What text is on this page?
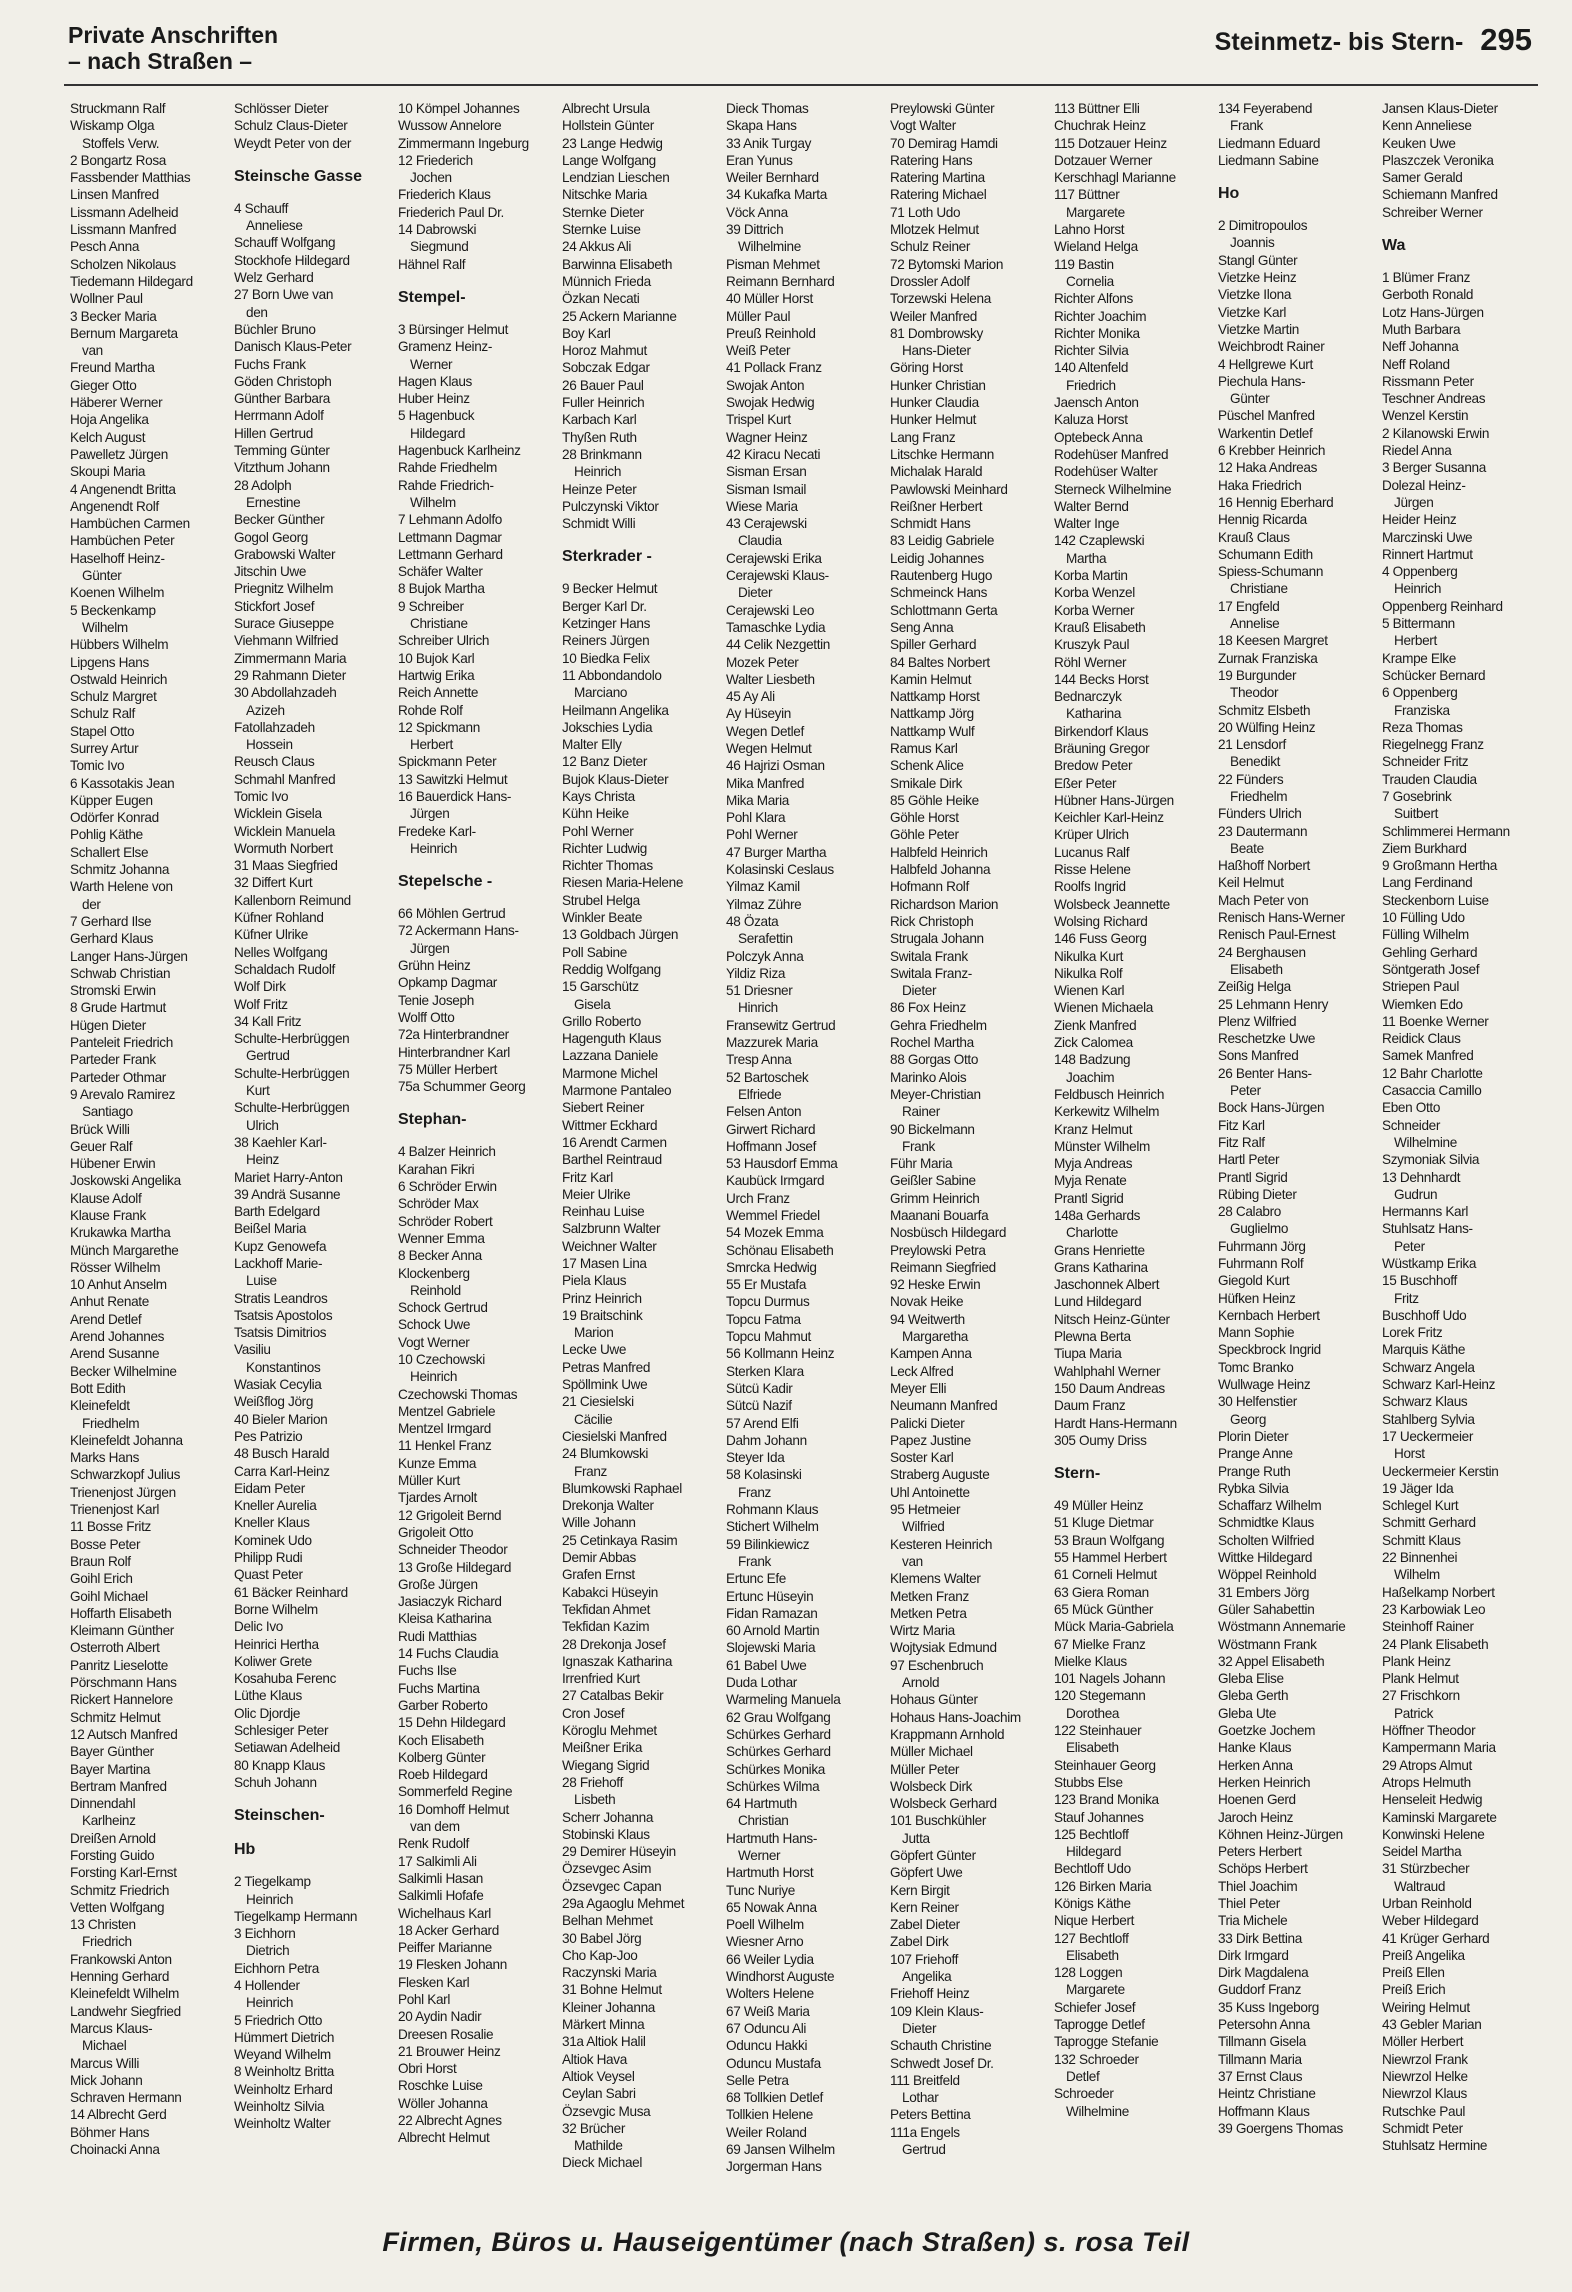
Private Anschriften
– nach Straßen –
Steinmetz- bis Stern- 295
Struckmann Ralf
Wiskamp Olga
Stoffels Verw.
2 Bongartz Rosa
Fassbender Matthias
Linsen Manfred
Lissmann Adelheid
Lissmann Manfred
Pesch Anna
Scholzen Nikolaus
Tiedemann Hildegard
Wollner Paul
3 Becker Maria
Bernum Margareta
van
Freund Martha
Gieger Otto
Häberer Werner
Hoja Angelika
Kelch August
Pawelletz Jürgen
Skoupi Maria
4 Angenendt Britta
Angenendt Rolf
Hambüchen Carmen
Hambüchen Peter
Haselhoff Heinz-
Günter
Koenen Wilhelm
5 Beckenkamp
Wilhelm
Hübbers Wilhelm
Lipgens Hans
Ostwald Heinrich
Schulz Margret
Schulz Ralf
Stapel Otto
Surrey Artur
Tomic Ivo
6 Kassotakis Jean
Küpper Eugen
Odörfer Konrad
Pohlig Käthe
Schallert Else
Schmitz Johanna
Warth Helene von
der
7 Gerhard Ilse
Gerhard Klaus
Langer Hans-Jürgen
Schwab Christian
Stromski Erwin
8 Grude Hartmut
Hügen Dieter
Panteleit Friedrich
Parteder Frank
Parteder Othmar
9 Arevalo Ramirez
Santiago
Brück Willi
Geuer Ralf
Hübener Erwin
Joskowski Angelika
Klause Adolf
Klause Frank
Krukawka Martha
Münch Margarethe
Rösser Wilhelm
10 Anhut Anselm
Anhut Renate
Arend Detlef
Arend Johannes
Arend Susanne
Becker Wilhelmine
Bott Edith
Kleinefeldt
Friedhelm
Kleinefeldt Johanna
Marks Hans
Schwarzkopf Julius
Trienenjost Jürgen
Trienenjost Karl
11 Bosse Fritz
Bosse Peter
Braun Rolf
Goihl Erich
Goihl Michael
Hoffarth Elisabeth
Kleimann Günther
Osterroth Albert
Panritz Lieselotte
Pörschmann Hans
Rickert Hannelore
Schmitz Helmut
12 Autsch Manfred
Bayer Günther
Bayer Martina
Bertram Manfred
Dinnendahl
Karlheinz
Dreißen Arnold
Forsting Guido
Forsting Karl-Ernst
Schmitz Friedrich
Vetten Wolfgang
13 Christen
Friedrich
Frankowski Anton
Henning Gerhard
Kleinefeldt Wilhelm
Landwehr Siegfried
Marcus Klaus-
Michael
Marcus Willi
Mick Johann
Schraven Hermann
14 Albrecht Gerd
Böhmer Hans
Choinacki Anna
Schlösser Dieter
Schulz Claus-Dieter
Weydt Peter von der
Steinsche Gasse
4 Schauff
Anneliese
Schauff Wolfgang
Stockhofe Hildegard
Welz Gerhard
27 Born Uwe van
den
Büchler Bruno
Danisch Klaus-Peter
Fuchs Frank
Göden Christoph
Günther Barbara
Herrmann Adolf
Hillen Gertrud
Temming Günter
Vitzthum Johann
28 Adolph
Ernestine
Becker Günther
Gogol Georg
Grabowski Walter
Jitschin Uwe
Priegnitz Wilhelm
Stickfort Josef
Surace Giuseppe
Viehmann Wilfried
Zimmermann Maria
29 Rahmann Dieter
30 Abdollahzadeh
Azizeh
Fatollahzadeh
Hossein
Reusch Claus
Schmahl Manfred
Tomic Ivo
Wicklein Gisela
Wicklein Manuela
Wormuth Norbert
31 Maas Siegfried
32 Differt Kurt
Kallenborn Reimund
Küfner Rohland
Küfner Ulrike
Nelles Wolfgang
Schaldach Rudolf
Wolf Dirk
Wolf Fritz
34 Kall Fritz
Schulte-Herbrüggen
Gertrud
Schulte-Herbrüggen
Kurt
Schulte-Herbrüggen
Ulrich
38 Kaehler Karl-
Heinz
Mariet Harry-Anton
39 Andrä Susanne
Barth Edelgard
Beißel Maria
Kupz Genowefa
Lackhoff Marie-
Luise
Stratis Leandros
Tsatsis Apostolos
Tsatsis Dimitrios
Vasiliu
Konstantinos
Wasiak Cecylia
Weißflog Jörg
40 Bieler Marion
Pes Patrizio
48 Busch Harald
Carra Karl-Heinz
Eidam Peter
Kneller Aurelia
Kneller Klaus
Kominek Udo
Philipp Rudi
Quast Peter
61 Bäcker Reinhard
Borne Wilhelm
Delic Ivo
Heinrici Hertha
Koliwer Grete
Kosahuba Ferenc
Lüthe Klaus
Olic Djordje
Schlesiger Peter
Setiawan Adelheid
80 Knapp Klaus
Schuh Johann
Steinschen-
Hb
2 Tiegelkamp
Heinrich
Tiegelkamp Hermann
3 Eichhorn
Dietrich
Eichhorn Petra
4 Hollender
Heinrich
5 Friedrich Otto
Hümmert Dietrich
Weyand Wilhelm
8 Weinholtz Britta
Weinholtz Erhard
Weinholtz Silvia
Weinholtz Walter
10 Kömpel Johannes
Wussow Annelore
Zimmermann Ingeburg
12 Friederich
Jochen
Friederich Klaus
Friederich Paul Dr.
14 Dabrowski
Siegmund
Hähnel Ralf
Stempel-
3 Bürsinger Helmut
Gramenz Heinz-
Werner
Hagen Klaus
Huber Heinz
5 Hagenbuck
Hildegard
Hagenbuck Karlheinz
Rahde Friedhelm
Rahde Friedrich-
Wilhelm
7 Lehmann Adolfo
Lettmann Dagmar
Lettmann Gerhard
Schäfer Walter
8 Bujok Martha
9 Schreiber
Christiane
Schreiber Ulrich
10 Bujok Karl
Hartwig Erika
Reich Annette
Rohde Rolf
12 Spickmann
Herbert
Spickmann Peter
13 Sawitzki Helmut
16 Bauerdick Hans-
Jürgen
Fredeke Karl-
Heinrich
Stepelsche -
66 Möhlen Gertrud
72 Ackermann Hans-
Jürgen
Grühn Heinz
Opkamp Dagmar
Tenie Joseph
Wolff Otto
72a Hinterbrandner
Hinterbrandner Karl
75 Müller Herbert
75a Schummer Georg
Stephan-
4 Balzer Heinrich
Karahan Fikri
6 Schröder Erwin
Schröder Max
Schröder Robert
Wenner Emma
8 Becker Anna
Klockenberg
Reinhold
Schock Gertrud
Schock Uwe
Vogt Werner
10 Czechowski
Heinrich
Czechowski Thomas
Mentzel Gabriele
Mentzel Irmgard
11 Henkel Franz
Kunze Emma
Müller Kurt
Tjardes Arnolt
12 Grigoleit Bernd
Grigoleit Otto
Schneider Theodor
13 Große Hildegard
Große Jürgen
Jasiaczyk Richard
Kleisa Katharina
Rudi Matthias
14 Fuchs Claudia
Fuchs Ilse
Fuchs Martina
Garber Roberto
15 Dehn Hildegard
Koch Elisabeth
Kolberg Günter
Roeb Hildegard
Sommerfeld Regine
16 Domhoff Helmut
van dem
Renk Rudolf
17 Salkimli Ali
Salkimli Hasan
Salkimli Hofafe
Wichelhaus Karl
18 Acker Gerhard
Peiffer Marianne
19 Flesken Johann
Flesken Karl
Pohl Karl
20 Aydin Nadir
Dreesen Rosalie
21 Brouwer Heinz
Obri Horst
Roschke Luise
Wöller Johanna
22 Albrecht Agnes
Albrecht Helmut
Albrecht Ursula
Hollstein Günter
23 Lange Hedwig
Lange Wolfgang
Lendzian Lieschen
Nitschke Maria
Sternke Dieter
Sternke Luise
24 Akkus Ali
Barwinna Elisabeth
Münnich Frieda
Özkan Necati
25 Ackern Marianne
Boy Karl
Horoz Mahmut
Sobczak Edgar
26 Bauer Paul
Fuller Heinrich
Karbach Karl
Thyßen Ruth
28 Brinkmann
Heinrich
Heinze Peter
Pulczynski Viktor
Schmidt Willi
Sterkrader -
9 Becker Helmut
Berger Karl Dr.
Ketzinger Hans
Reiners Jürgen
10 Biedka Felix
11 Abbondandolo
Marciano
Heilmann Angelika
Jokschies Lydia
Malter Elly
12 Banz Dieter
Bujok Klaus-Dieter
Kays Christa
Kühn Heike
Pohl Werner
Richter Ludwig
Richter Thomas
Riesen Maria-Helene
Strubel Helga
Winkler Beate
13 Goldbach Jürgen
Poll Sabine
Reddig Wolfgang
15 Garschütz
Gisela
Grillo Roberto
Hagenguth Klaus
Lazzana Daniele
Marmone Michel
Marmone Pantaleo
Siebert Reiner
Wittmer Eckhard
16 Arendt Carmen
Barthel Reintraud
Fritz Karl
Meier Ulrike
Reinhau Luise
Salzbrunn Walter
Weichner Walter
17 Masen Lina
Piela Klaus
Prinz Heinrich
19 Braitschink
Marion
Lecke Uwe
Petras Manfred
Spöllmink Uwe
21 Ciesielski
Cäcilie
Ciesielski Manfred
24 Blumkowski
Franz
Blumkowski Raphael
Drekonja Walter
Wille Johann
25 Cetinkaya Rasim
Demir Abbas
Grafen Ernst
Kabakci Hüseyin
Tekfidan Ahmet
Tekfidan Kazim
28 Drekonja Josef
Ignaszak Katharina
Irrenfried Kurt
27 Catalbas Bekir
Cron Josef
Köroglu Mehmet
Meißner Erika
Wiegang Sigrid
28 Friehoff
Lisbeth
Scherr Johanna
Stobinski Klaus
29 Demirer Hüseyin
Özsevgec Asim
Özsevgec Capan
29a Agaoglu Mehmet
Belhan Mehmet
30 Babel Jörg
Cho Kap-Joo
Raczynski Maria
31 Bohne Helmut
Kleiner Johanna
Märkert Minna
31a Altiok Halil
Altiok Hava
Altiok Veysel
Ceylan Sabri
Özsevgic Musa
32 Brücher
Mathilde
Dieck Michael
Dieck Thomas
Skapa Hans
33 Anik Turgay
Eran Yunus
Weiler Bernhard
34 Kukafka Marta
Vöck Anna
39 Dittrich
Wilhelmine
Pisman Mehmet
Reimann Bernhard
40 Müller Horst
Müller Paul
Preuß Reinhold
Weiß Peter
41 Pollack Franz
Swojak Anton
Swojak Hedwig
Trispel Kurt
Wagner Heinz
42 Kiracu Necati
Sisman Ersan
Sisman Ismail
Wiese Maria
43 Cerajewski
Claudia
Cerajewski Erika
Cerajewski Klaus-
Dieter
Cerajewski Leo
Tamaschke Lydia
44 Celik Nezgettin
Mozek Peter
Walter Liesbeth
45 Ay Ali
Ay Hüseyin
Wegen Detlef
Wegen Helmut
46 Hajrizi Osman
Mika Manfred
Mika Maria
Pohl Klara
Pohl Werner
47 Burger Martha
Kolasinski Ceslaus
Yilmaz Kamil
Yilmaz Zühre
48 Özata
Serafettin
Polczyk Anna
Yildiz Riza
51 Driesner
Hinrich
Fransewitz Gertrud
Mazzurek Maria
Tresp Anna
52 Bartoschek
Elfriede
Felsen Anton
Girwert Richard
Hoffmann Josef
53 Hausdorf Emma
Kaubück Irmgard
Urch Franz
Wemmel Friedel
54 Mozek Emma
Schönau Elisabeth
Smrcka Hedwig
55 Er Mustafa
Topcu Durmus
Topcu Fatma
Topcu Mahmut
56 Kollmann Heinz
Sterken Klara
Sütcü Kadir
Sütcü Nazif
57 Arend Elfi
Dahm Johann
Steyer Ida
58 Kolasinski
Franz
Rohmann Klaus
Stichert Wilhelm
59 Bilinkiewicz
Frank
Ertunc Efe
Ertunc Hüseyin
Fidan Ramazan
60 Arnold Martin
Slojewski Maria
61 Babel Uwe
Duda Lothar
Warmeling Manuela
62 Grau Wolfgang
Schürkes Gerhard
Schürkes Gerhard
Schürkes Monika
Schürkes Wilma
64 Hartmuth
Christian
Hartmuth Hans-
Werner
Hartmuth Horst
Tunc Nuriye
65 Nowak Anna
Poell Wilhelm
Wiesner Arno
66 Weiler Lydia
Windhorst Auguste
Wolters Helene
67 Weiß Maria
67 Oduncu Ali
Oduncu Hakki
Oduncu Mustafa
Selle Petra
68 Tollkien Detlef
Tollkien Helene
Weiler Roland
69 Jansen Wilhelm
Jorgerman Hans
Preylowski Günter
Vogt Walter
70 Demirag Hamdi
Ratering Hans
Ratering Martina
Ratering Michael
71 Loth Udo
Mlotzek Helmut
Schulz Reiner
72 Bytomski Marion
Drossler Adolf
Torzewski Helena
Weiler Manfred
81 Dombrowsky
Hans-Dieter
Göring Horst
Hunker Christian
Hunker Claudia
Hunker Helmut
Lang Franz
Litschke Hermann
Michalak Harald
Pawlowski Meinhard
Reißner Herbert
Schmidt Hans
83 Leidig Gabriele
Leidig Johannes
Rautenberg Hugo
Schmeinck Hans
Schlottmann Gerta
Seng Anna
Spiller Gerhard
84 Baltes Norbert
Kamin Helmut
Nattkamp Horst
Nattkamp Jörg
Nattkamp Wulf
Ramus Karl
Schenk Alice
Smikale Dirk
85 Göhle Heike
Göhle Horst
Göhle Peter
Halbfeld Heinrich
Halbfeld Johanna
Hofmann Rolf
Richardson Marion
Rick Christoph
Strugala Johann
Switala Frank
Switala Franz-
Dieter
86 Fox Heinz
Gehra Friedhelm
Rochel Martha
88 Gorgas Otto
Marinko Alois
Meyer-Christian
Rainer
90 Bickelmann
Frank
Führ Maria
Geißler Sabine
Grimm Heinrich
Maanani Bouarfa
Nosbüsch Hildegard
Preylowski Petra
Reimann Siegfried
92 Heske Erwin
Novak Heike
94 Weitwerth
Margaretha
Kampen Anna
Leck Alfred
Meyer Elli
Neumann Manfred
Palicki Dieter
Papez Justine
Soster Karl
Straberg Auguste
Uhl Antoinette
95 Hetmeier
Wilfried
Kesteren Heinrich
van
Klemens Walter
Metken Franz
Metken Petra
Wirtz Maria
Wojtysiak Edmund
97 Eschenbruch
Arnold
Hohaus Günter
Hohaus Hans-Joachim
Krappmann Arnhold
Müller Michael
Müller Peter
Wolsbeck Dirk
Wolsbeck Gerhard
101 Buschkühler
Jutta
Göpfert Günter
Göpfert Uwe
Kern Birgit
Kern Reiner
Zabel Dieter
Zabel Dirk
107 Friehoff
Angelika
Friehoff Heinz
109 Klein Klaus-
Dieter
Schauth Christine
Schwedt Josef Dr.
111 Breitfeld
Lothar
Peters Bettina
111a Engels
Gertrud
113 Büttner Elli
Chuchrak Heinz
115 Dotzauer Heinz
Dotzauer Werner
Kerschhagl Marianne
117 Büttner
Margarete
Lahno Horst
Wieland Helga
119 Bastin
Cornelia
Richter Alfons
Richter Joachim
Richter Monika
Richter Silvia
140 Altenfeld
Friedrich
Jaensch Anton
Kaluza Horst
Optebeck Anna
Rodehüser Manfred
Rodehüser Walter
Sterneck Wilhelmine
Walter Bernd
Walter Inge
142 Czaplewski
Martha
Korba Martin
Korba Wenzel
Korba Werner
Krauß Elisabeth
Kruszyk Paul
Röhl Werner
144 Becks Horst
Bednarczyk
Katharina
Birkendorf Klaus
Bräuning Gregor
Bredow Peter
Eßer Peter
Hübner Hans-Jürgen
Keichler Karl-Heinz
Krüper Ulrich
Lucanus Ralf
Risse Helene
Roolfs Ingrid
Wolsbeck Jeannette
Wolsing Richard
146 Fuss Georg
Nikulka Kurt
Nikulka Rolf
Wienen Karl
Wienen Michaela
Zienk Manfred
Zick Calomea
148 Badzung
Joachim
Feldbusch Heinrich
Kerkewitz Wilhelm
Kranz Helmut
Münster Wilhelm
Myja Andreas
Myja Renate
Prantl Sigrid
148a Gerhards
Charlotte
Grans Henriette
Grans Katharina
Jaschonnek Albert
Lund Hildegard
Nitsch Heinz-Günter
Plewna Berta
Tiupa Maria
Wahlphahl Werner
150 Daum Andreas
Daum Franz
Hardt Hans-Hermann
305 Oumy Driss
Stern-
49 Müller Heinz
51 Kluge Dietmar
53 Braun Wolfgang
55 Hammel Herbert
61 Corneli Helmut
63 Giera Roman
65 Mück Günther
Mück Maria-Gabriela
67 Mielke Franz
Mielke Klaus
101 Nagels Johann
120 Stegemann
Dorothea
122 Steinhauer
Elisabeth
Steinhauer Georg
Stubbs Else
123 Brand Monika
Stauf Johannes
125 Bechtloff
Hildegard
Bechtloff Udo
126 Birken Maria
Königs Käthe
Nique Herbert
127 Bechtloff
Elisabeth
128 Loggen
Margarete
Schiefer Josef
Taprogge Detlef
Taprogge Stefanie
132 Schroeder
Detlef
Schroeder
Wilhelmine
134 Feyerabend
Frank
Liedmann Eduard
Liedmann Sabine
Ho
2 Dimitropoulos
Joannis
Stangl Günter
Vietzke Heinz
Vietzke Ilona
Vietzke Karl
Vietzke Martin
Weichbrodt Rainer
4 Hellgrewe Kurt
Piechula Hans-
Günter
Püschel Manfred
Warkentin Detlef
6 Krebber Heinrich
12 Haka Andreas
Haka Friedrich
16 Hennig Eberhard
Hennig Ricarda
Krauß Claus
Schumann Edith
Spiess-Schumann
Christiane
17 Engfeld
Annelise
18 Keesen Margret
Zurnak Franziska
19 Burgunder
Theodor
Schmitz Elsbeth
20 Wülfing Heinz
21 Lensdorf
Benedikt
22 Fünders
Friedhelm
Fünders Ulrich
23 Dautermann
Beate
Haßhoff Norbert
Keil Helmut
Mach Peter von
Renisch Hans-Werner
Renisch Paul-Ernest
24 Berghausen
Elisabeth
Zeißig Helga
25 Lehmann Henry
Plenz Wilfried
Reschetzke Uwe
Sons Manfred
26 Benter Hans-
Peter
Bock Hans-Jürgen
Fitz Karl
Fitz Ralf
Hartl Peter
Prantl Sigrid
Rübing Dieter
28 Calabro
Guglielmo
Fuhrmann Jörg
Fuhrmann Rolf
Giegold Kurt
Hüfken Heinz
Kernbach Herbert
Mann Sophie
Speckbrock Ingrid
Tomc Branko
Wullwage Heinz
30 Helfenstier
Georg
Plorin Dieter
Prange Anne
Prange Ruth
Rybka Silvia
Schaffarz Wilhelm
Schmidtke Klaus
Scholten Wilfried
Wittke Hildegard
Wöppel Reinhold
31 Embers Jörg
Güler Sahabettin
Wöstmann Annemarie
Wöstmann Frank
32 Appel Elisabeth
Gleba Elise
Gleba Gerth
Gleba Ute
Goetzke Jochem
Hanke Klaus
Herken Anna
Herken Heinrich
Hoenen Gerd
Jaroch Heinz
Köhnen Heinz-Jürgen
Peters Herbert
Schöps Herbert
Thiel Joachim
Thiel Peter
Tria Michele
33 Dirk Bettina
Dirk Irmgard
Dirk Magdalena
Guddorf Franz
35 Kuss Ingeborg
Petersohn Anna
Tillmann Gisela
Tillmann Maria
37 Ernst Claus
Heintz Christiane
Hoffmann Klaus
39 Goergens Thomas
Jansen Klaus-Dieter
Kenn Anneliese
Keuken Uwe
Plaszczek Veronika
Samer Gerald
Schiemann Manfred
Schreiber Werner
Wa
1 Blümer Franz
Gerboth Ronald
Lotz Hans-Jürgen
Muth Barbara
Neff Johanna
Neff Roland
Rissmann Peter
Teschner Andreas
Wenzel Kerstin
2 Kilanowski Erwin
Riedel Anna
3 Berger Susanna
Dolezal Heinz-
Jürgen
Heider Heinz
Marczinski Uwe
Rinnert Hartmut
4 Oppenberg
Heinrich
Oppenberg Reinhard
5 Bittermann
Herbert
Krampe Elke
Schücker Bernard
6 Oppenberg
Franziska
Reza Thomas
Riegelnegg Franz
Schneider Fritz
Trauden Claudia
7 Gosebrink
Suitbert
Schlimmerei Hermann
Ziem Burkhard
9 Großmann Hertha
Lang Ferdinand
Steckenborn Luise
10 Fülling Udo
Fülling Wilhelm
Gehling Gerhard
Söntgerath Josef
Striepen Paul
Wiemken Edo
11 Boenke Werner
Reidick Claus
Samek Manfred
12 Bahr Charlotte
Casaccia Camillo
Eben Otto
Schneider
Wilhelmine
Szymoniak Silvia
13 Dehnhardt
Gudrun
Hermanns Karl
Stuhlsatz Hans-
Peter
Wüstkamp Erika
15 Buschhoff
Fritz
Buschhoff Udo
Lorek Fritz
Marquis Käthe
Schwarz Angela
Schwarz Karl-Heinz
Schwarz Klaus
Stahlberg Sylvia
17 Ueckermeier
Horst
Ueckermeier Kerstin
19 Jäger Ida
Schlegel Kurt
Schmitt Gerhard
Schmitt Klaus
22 Binnenhei
Wilhelm
Haßelkamp Norbert
23 Karbowiak Leo
Steinhoff Rainer
24 Plank Elisabeth
Plank Heinz
Plank Helmut
27 Frischkorn
Patrick
Höffner Theodor
Kampermann Maria
29 Atrops Almut
Atrops Helmuth
Henseleit Hedwig
Kaminski Margarete
Konwinski Helene
Seidel Martha
31 Stürzbecher
Waltraud
Urban Reinhold
Weber Hildegard
41 Krüger Gerhard
Preiß Angelika
Preiß Ellen
Preiß Erich
Weiring Helmut
43 Gebler Marian
Möller Herbert
Niewrzol Frank
Niewrzol Helke
Niewrzol Klaus
Rutschke Paul
Schmidt Peter
Stuhlsatz Hermine
Firmen, Büros u. Hauseigentümer (nach Straßen) s. rosa Teil
